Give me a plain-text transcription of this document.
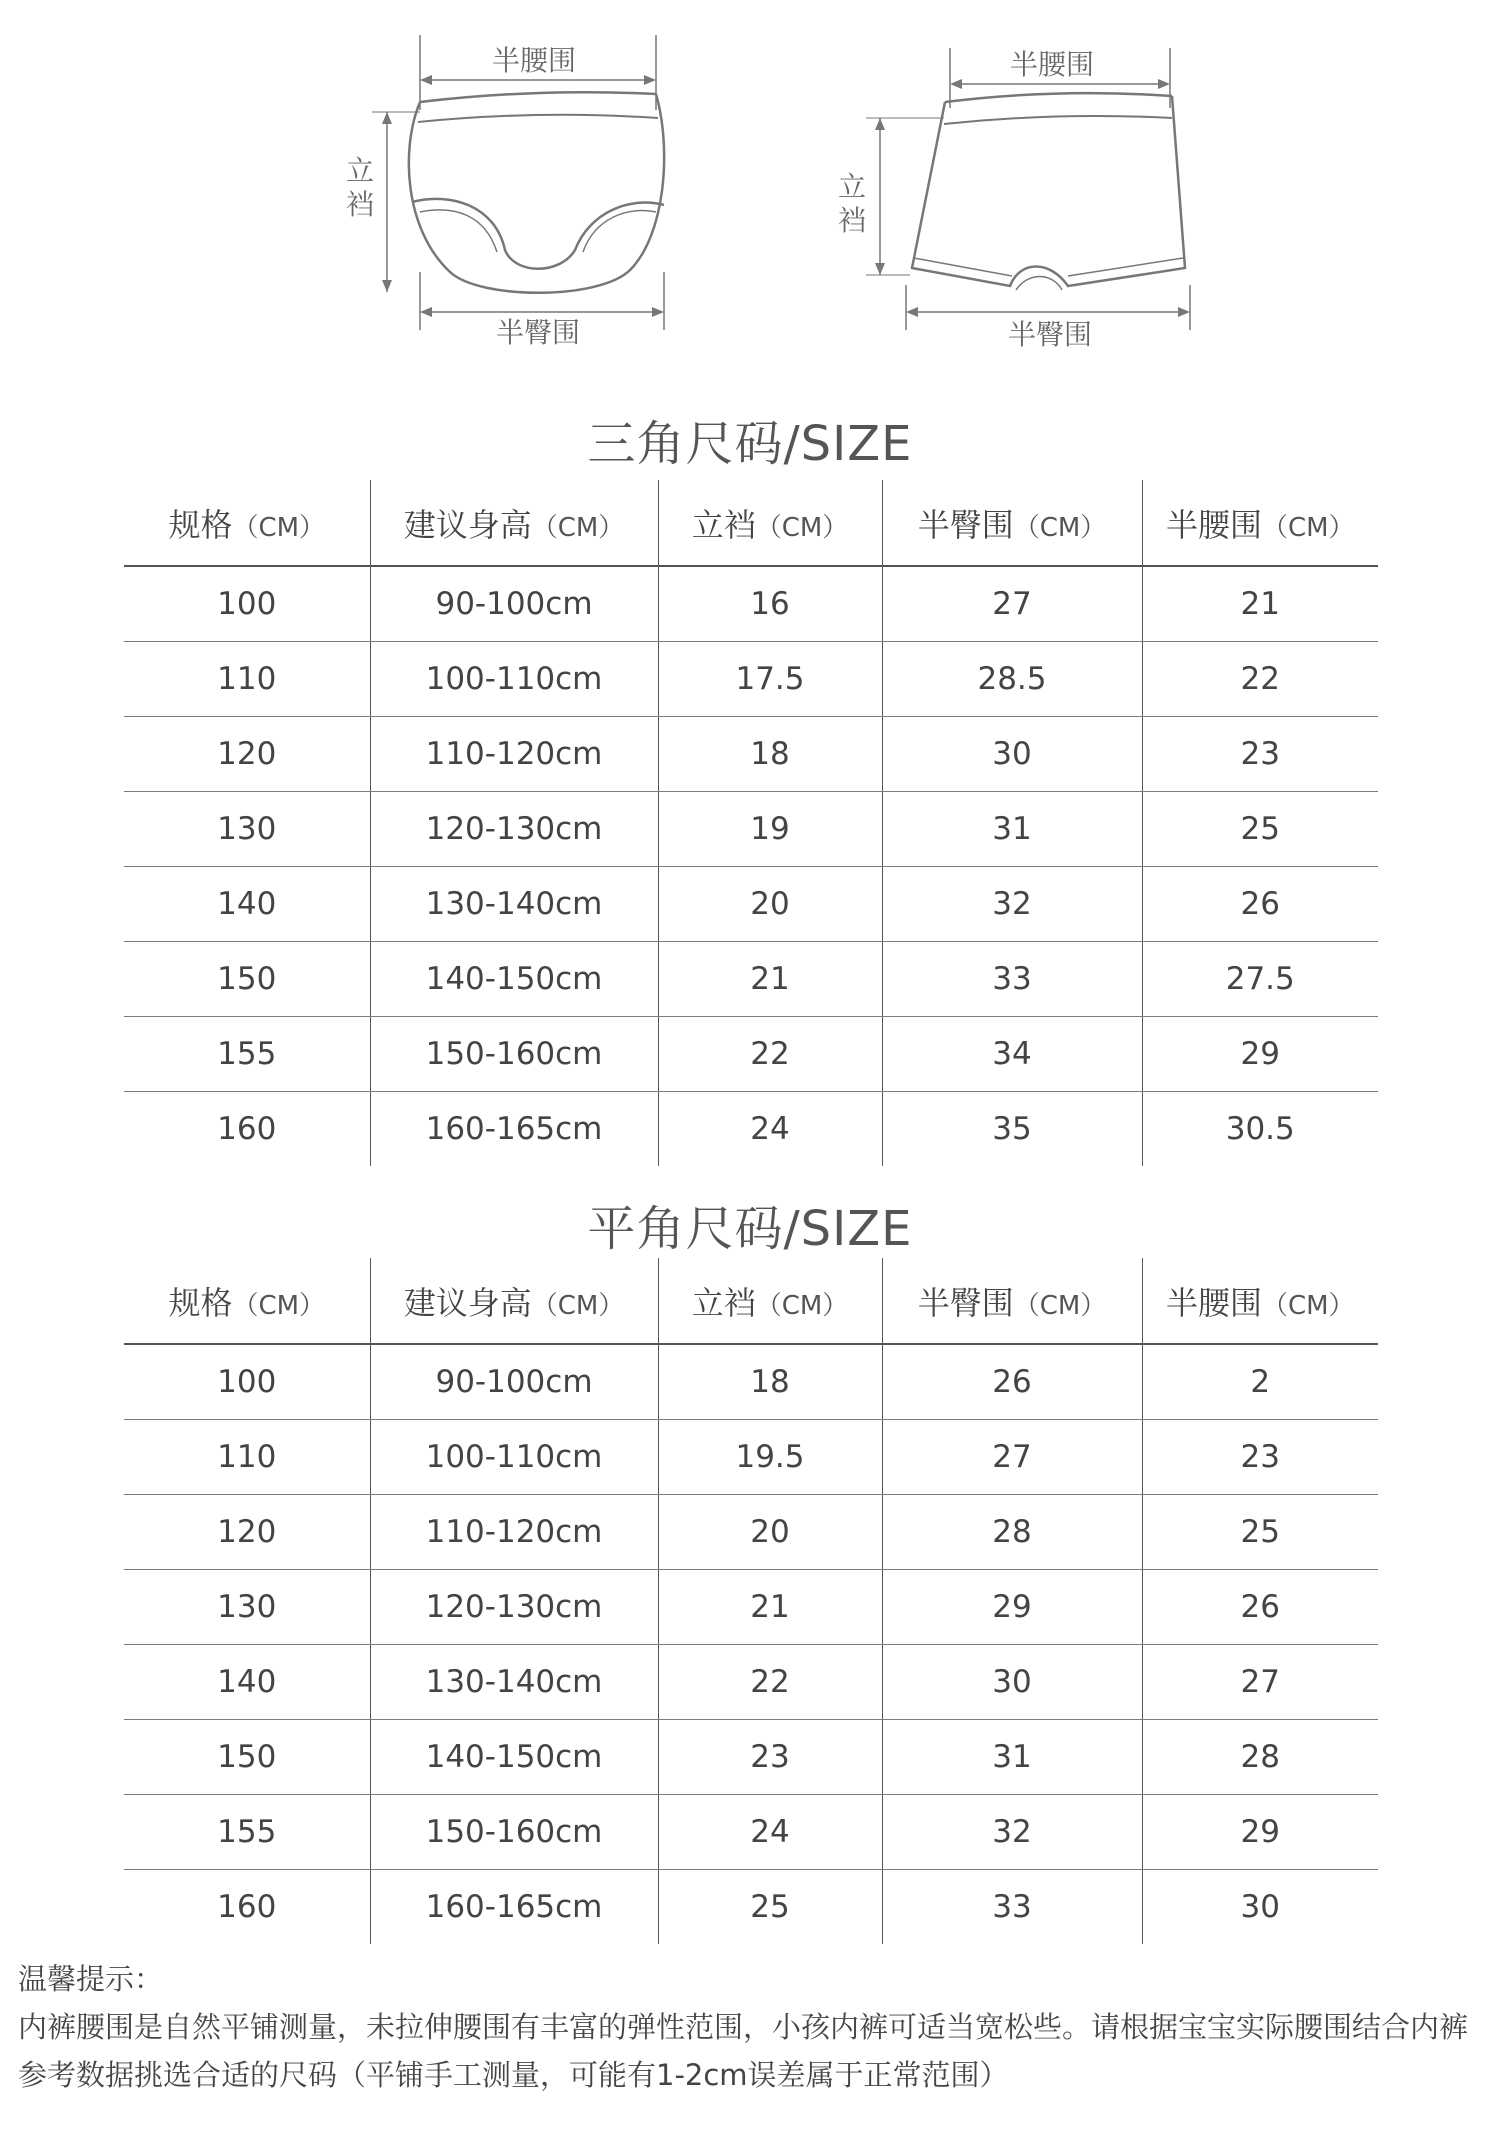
半腰围
立
裆
半臀围
半腰围
立
裆
半臀围
三角尺码/SIZE
规格（CM）	建议身高（CM）	立裆（CM）	半臀围（CM）	半腰围（CM）
100	90-100cm	16	27	21
110	100-110cm	17.5	28.5	22
120	110-120cm	18	30	23
130	120-130cm	19	31	25
140	130-140cm	20	32	26
150	140-150cm	21	33	27.5
155	150-160cm	22	34	29
160	160-165cm	24	35	30.5
平角尺码/SIZE
规格（CM）	建议身高（CM）	立裆（CM）	半臀围（CM）	半腰围（CM）
100	90-100cm	18	26	2
110	100-110cm	19.5	27	23
120	110-120cm	20	28	25
130	120-130cm	21	29	26
140	130-140cm	22	30	27
150	140-150cm	23	31	28
155	150-160cm	24	32	29
160	160-165cm	25	33	30
温馨提示：
内裤腰围是自然平铺测量，未拉伸腰围有丰富的弹性范围，小孩内裤可适当宽松些。请根据宝宝实际腰围结合内裤参考数据挑选合适的尺码（平铺手工测量，可能有1-2cm误差属于正常范围）
